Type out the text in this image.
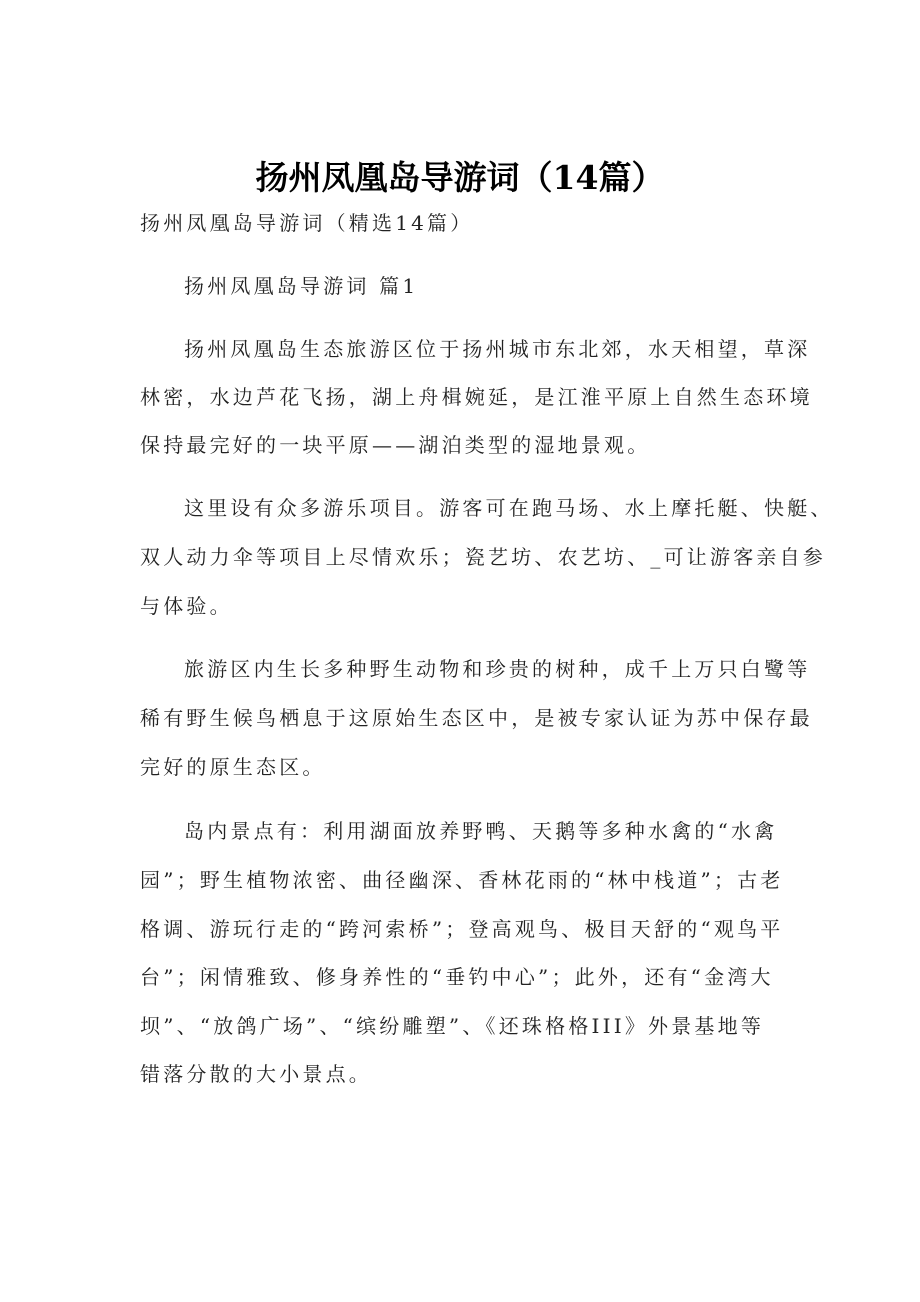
扬州凤凰岛导游词（14篇）
扬州凤凰岛导游词（精选14篇）
扬州凤凰岛导游词 篇1
扬州凤凰岛生态旅游区位于扬州城市东北郊，水天相望，草深
林密，水边芦花飞扬，湖上舟楫婉延，是江淮平原上自然生态环境
保持最完好的一块平原——湖泊类型的湿地景观。
这里设有众多游乐项目。游客可在跑马场、水上摩托艇、快艇、
双人动力伞等项目上尽情欢乐；瓷艺坊、农艺坊、_可让游客亲自参
与体验。
旅游区内生长多种野生动物和珍贵的树种，成千上万只白鹭等
稀有野生候鸟栖息于这原始生态区中，是被专家认证为苏中保存最
完好的原生态区。
岛内景点有：利用湖面放养野鸭、天鹅等多种水禽的“水禽
园”；野生植物浓密、曲径幽深、香林花雨的“林中栈道”；古老
格调、游玩行走的“跨河索桥”；登高观鸟、极目天舒的“观鸟平
台”；闲情雅致、修身养性的“垂钓中心”；此外，还有“金湾大
坝”、“放鸽广场”、“缤纷雕塑”、《还珠格格III》外景基地等
错落分散的大小景点。
